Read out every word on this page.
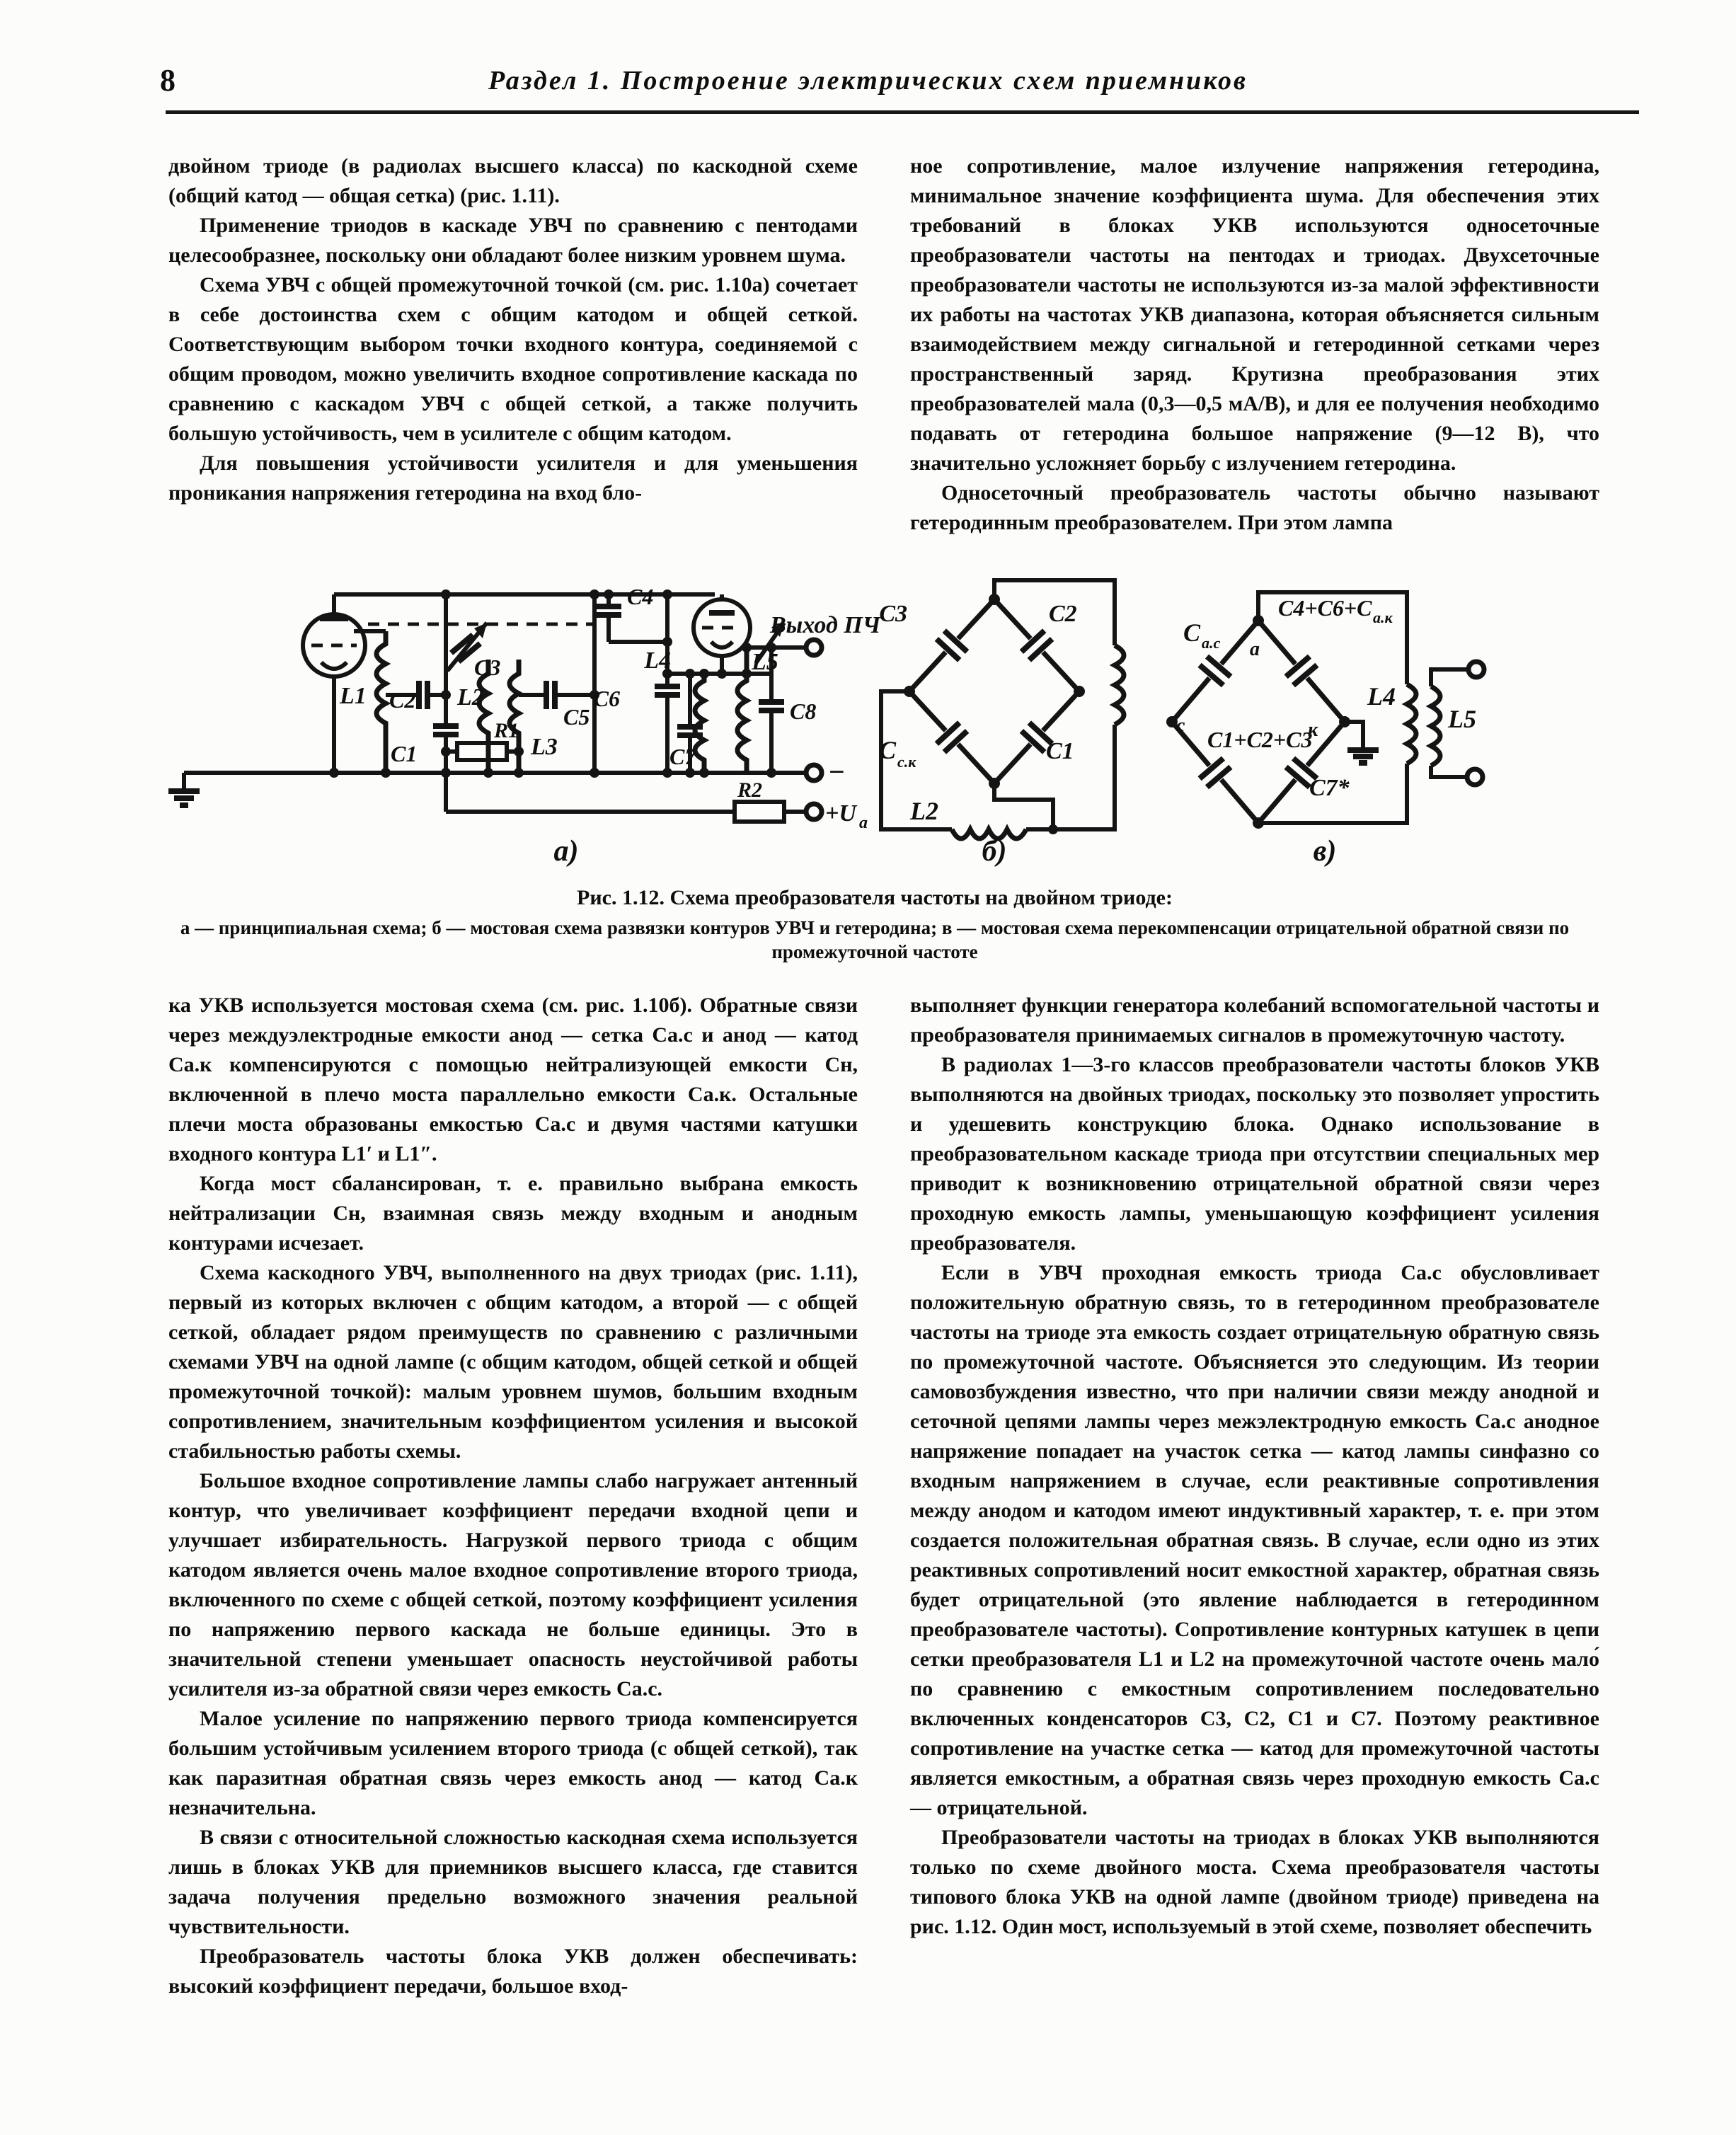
8	Раздел 1. Построение электрических схем приемников

двойном триоде (в радиолах высшего класса) по каскодной схеме (общий катод — общая сетка) (рис. 1.11).

Применение триодов в каскаде УВЧ по сравнению с пентодами целесообразнее, поскольку они обладают более низким уровнем шума.

Схема УВЧ с общей промежуточной точкой (см. рис. 1.10а) сочетает в себе достоинства схем с общим катодом и общей сеткой. Соответствующим выбором точки входного контура, соединяемой с общим проводом, можно увеличить входное сопротивление каскада по сравнению с каскадом УВЧ с общей сеткой, а также получить большую устойчивость, чем в усилителе с общим катодом.

Для повышения устойчивости усилителя и для уменьшения проникания напряжения гетеродина на вход бло-

ное сопротивление, малое излучение напряжения гетеродина, минимальное значение коэффициента шума. Для обеспечения этих требований в блоках УКВ используются односеточные преобразователи частоты на пентодах и триодах. Двухсеточные преобразователи частоты не используются из-за малой эффективности их работы на частотах УКВ диапазона, которая объясняется сильным взаимодействием между сигнальной и гетеродинной сетками через пространственный заряд. Крутизна преобразования этих преобразователей мала (0,3—0,5 мА/В), и для ее получения необходимо подавать от гетеродина большое напряжение (9—12 В), что значительно усложняет борьбу с излучением гетеродина.

Односеточный преобразователь частоты обычно называют гетеродинным преобразователем. При этом лампа

L1 C2
C3
L2
C1
R1
L3
C5
C4
C6
C7
L4	L5
C8
R2
Выход ПЧ
−
+U а
а)
C3	C2
C с.к	C1
L2
б)
C а.с а
C4+C6+C а.к
с
C1+C2+C3
к
C7*
L4
L5
в)
Рис. 1.12. Схема преобразователя частоты на двойном триоде:
а — принципиальная схема; б — мостовая схема развязки контуров УВЧ и гетеродина; в — мостовая схема перекомпенсации отрицательной обратной связи по промежуточной частоте

ка УКВ используется мостовая схема (см. рис. 1.10б). Обратные связи через междуэлектродные емкости анод — сетка Cа.с и анод — катод Cа.к компенсируются с помощью нейтрализующей емкости Cн, включенной в плечо моста параллельно емкости Cа.к. Остальные плечи моста образованы емкостью Cа.с и двумя частями катушки входного контура L1′ и L1″.

Когда мост сбалансирован, т. е. правильно выбрана емкость нейтрализации Cн, взаимная связь между входным и анодным контурами исчезает.

Схема каскодного УВЧ, выполненного на двух триодах (рис. 1.11), первый из которых включен с общим катодом, а второй — с общей сеткой, обладает рядом преимуществ по сравнению с различными схемами УВЧ на одной лампе (с общим катодом, общей сеткой и общей промежуточной точкой): малым уровнем шумов, большим входным сопротивлением, значительным коэффициентом усиления и высокой стабильностью работы схемы.

Большое входное сопротивление лампы слабо нагружает антенный контур, что увеличивает коэффициент передачи входной цепи и улучшает избирательность. Нагрузкой первого триода с общим катодом является очень малое входное сопротивление второго триода, включенного по схеме с общей сеткой, поэтому коэффициент усиления по напряжению первого каскада не больше единицы. Это в значительной степени уменьшает опасность неустойчивой работы усилителя из-за обратной связи через емкость Cа.с.

Малое усиление по напряжению первого триода компенсируется большим устойчивым усилением второго триода (с общей сеткой), так как паразитная обратная связь через емкость анод — катод Cа.к незначительна.

В связи с относительной сложностью каскодная схема используется лишь в блоках УКВ для приемников высшего класса, где ставится задача получения предельно возможного значения реальной чувствительности.

Преобразователь частоты блока УКВ должен обеспечивать: высокий коэффициент передачи, большое вход-

выполняет функции генератора колебаний вспомогательной частоты и преобразователя принимаемых сигналов в промежуточную частоту.

В радиолах 1—3-го классов преобразователи частоты блоков УКВ выполняются на двойных триодах, поскольку это позволяет упростить и удешевить конструкцию блока. Однако использование в преобразовательном каскаде триода при отсутствии специальных мер приводит к возникновению отрицательной обратной связи через проходную емкость лампы, уменьшающую коэффициент усиления преобразователя.

Если в УВЧ проходная емкость триода Cа.с обусловливает положительную обратную связь, то в гетеродинном преобразователе частоты на триоде эта емкость создает отрицательную обратную связь по промежуточной частоте. Объясняется это следующим. Из теории самовозбуждения известно, что при наличии связи между анодной и сеточной цепями лампы через межэлектродную емкость Cа.с анодное напряжение попадает на участок сетка — катод лампы синфазно со входным напряжением в случае, если реактивные сопротивления между анодом и катодом имеют индуктивный характер, т. е. при этом создается положительная обратная связь. В случае, если одно из этих реактивных сопротивлений носит емкостной характер, обратная связь будет отрицательной (это явление наблюдается в гетеродинном преобразователе частоты). Сопротивление контурных катушек в цепи сетки преобразователя L1 и L2 на промежуточной частоте очень мало́ по сравнению с емкостным сопротивлением последовательно включенных конденсаторов C3, C2, C1 и C7. Поэтому реактивное сопротивление на участке сетка — катод для промежуточной частоты является емкостным, а обратная связь через проходную емкость Cа.с — отрицательной.

Преобразователи частоты на триодах в блоках УКВ выполняются только по схеме двойного моста. Схема преобразователя частоты типового блока УКВ на одной лампе (двойном триоде) приведена на рис. 1.12. Один мост, используемый в этой схеме, позволяет обеспечить
